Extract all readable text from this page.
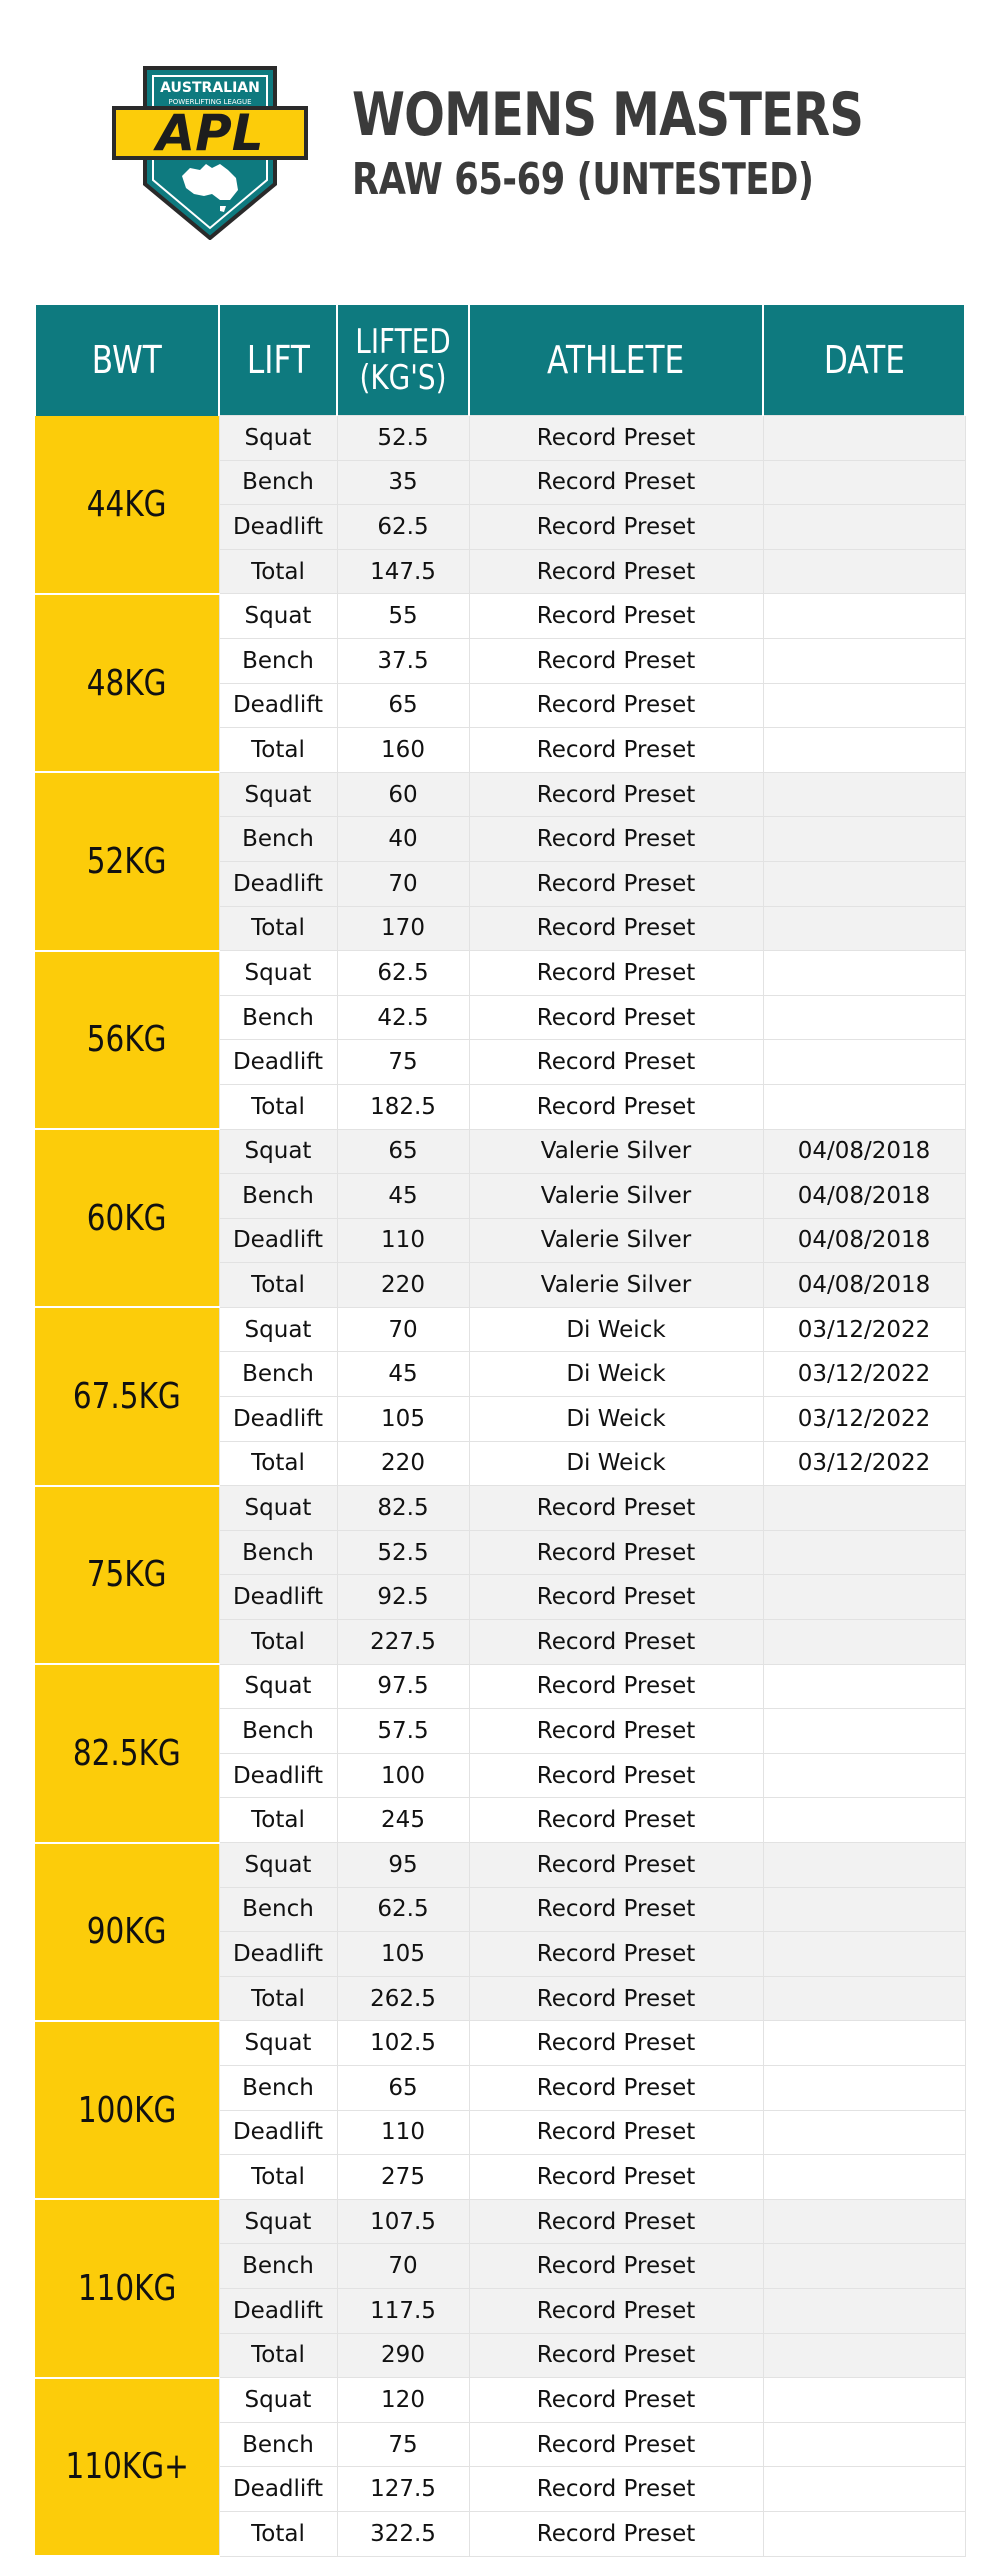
AUSTRALIAN
POWERLIFTING LEAGUE
APL WOMENS MASTERS
RAW 65-69 (UNTESTED)
BWT	LIFT	LIFTED (KG'S)	ATHLETE	DATE
44KG	Squat	52.5	Record Preset	
	Bench	35	Record Preset	
	Deadlift	62.5	Record Preset	
	Total	147.5	Record Preset	
48KG	Squat	55	Record Preset	
	Bench	37.5	Record Preset	
	Deadlift	65	Record Preset	
	Total	160	Record Preset	
52KG	Squat	60	Record Preset	
	Bench	40	Record Preset	
	Deadlift	70	Record Preset	
	Total	170	Record Preset	
56KG	Squat	62.5	Record Preset	
	Bench	42.5	Record Preset	
	Deadlift	75	Record Preset	
	Total	182.5	Record Preset	
60KG	Squat	65	Valerie Silver	04/08/2018
	Bench	45	Valerie Silver	04/08/2018
	Deadlift	110	Valerie Silver	04/08/2018
	Total	220	Valerie Silver	04/08/2018
67.5KG	Squat	70	Di Weick	03/12/2022
	Bench	45	Di Weick	03/12/2022
	Deadlift	105	Di Weick	03/12/2022
	Total	220	Di Weick	03/12/2022
75KG	Squat	82.5	Record Preset	
	Bench	52.5	Record Preset	
	Deadlift	92.5	Record Preset	
	Total	227.5	Record Preset	
82.5KG	Squat	97.5	Record Preset	
	Bench	57.5	Record Preset	
	Deadlift	100	Record Preset	
	Total	245	Record Preset	
90KG	Squat	95	Record Preset	
	Bench	62.5	Record Preset	
	Deadlift	105	Record Preset	
	Total	262.5	Record Preset	
100KG	Squat	102.5	Record Preset	
	Bench	65	Record Preset	
	Deadlift	110	Record Preset	
	Total	275	Record Preset	
110KG	Squat	107.5	Record Preset	
	Bench	70	Record Preset	
	Deadlift	117.5	Record Preset	
	Total	290	Record Preset	
110KG+	Squat	120	Record Preset	
	Bench	75	Record Preset	
	Deadlift	127.5	Record Preset	
	Total	322.5	Record Preset	
